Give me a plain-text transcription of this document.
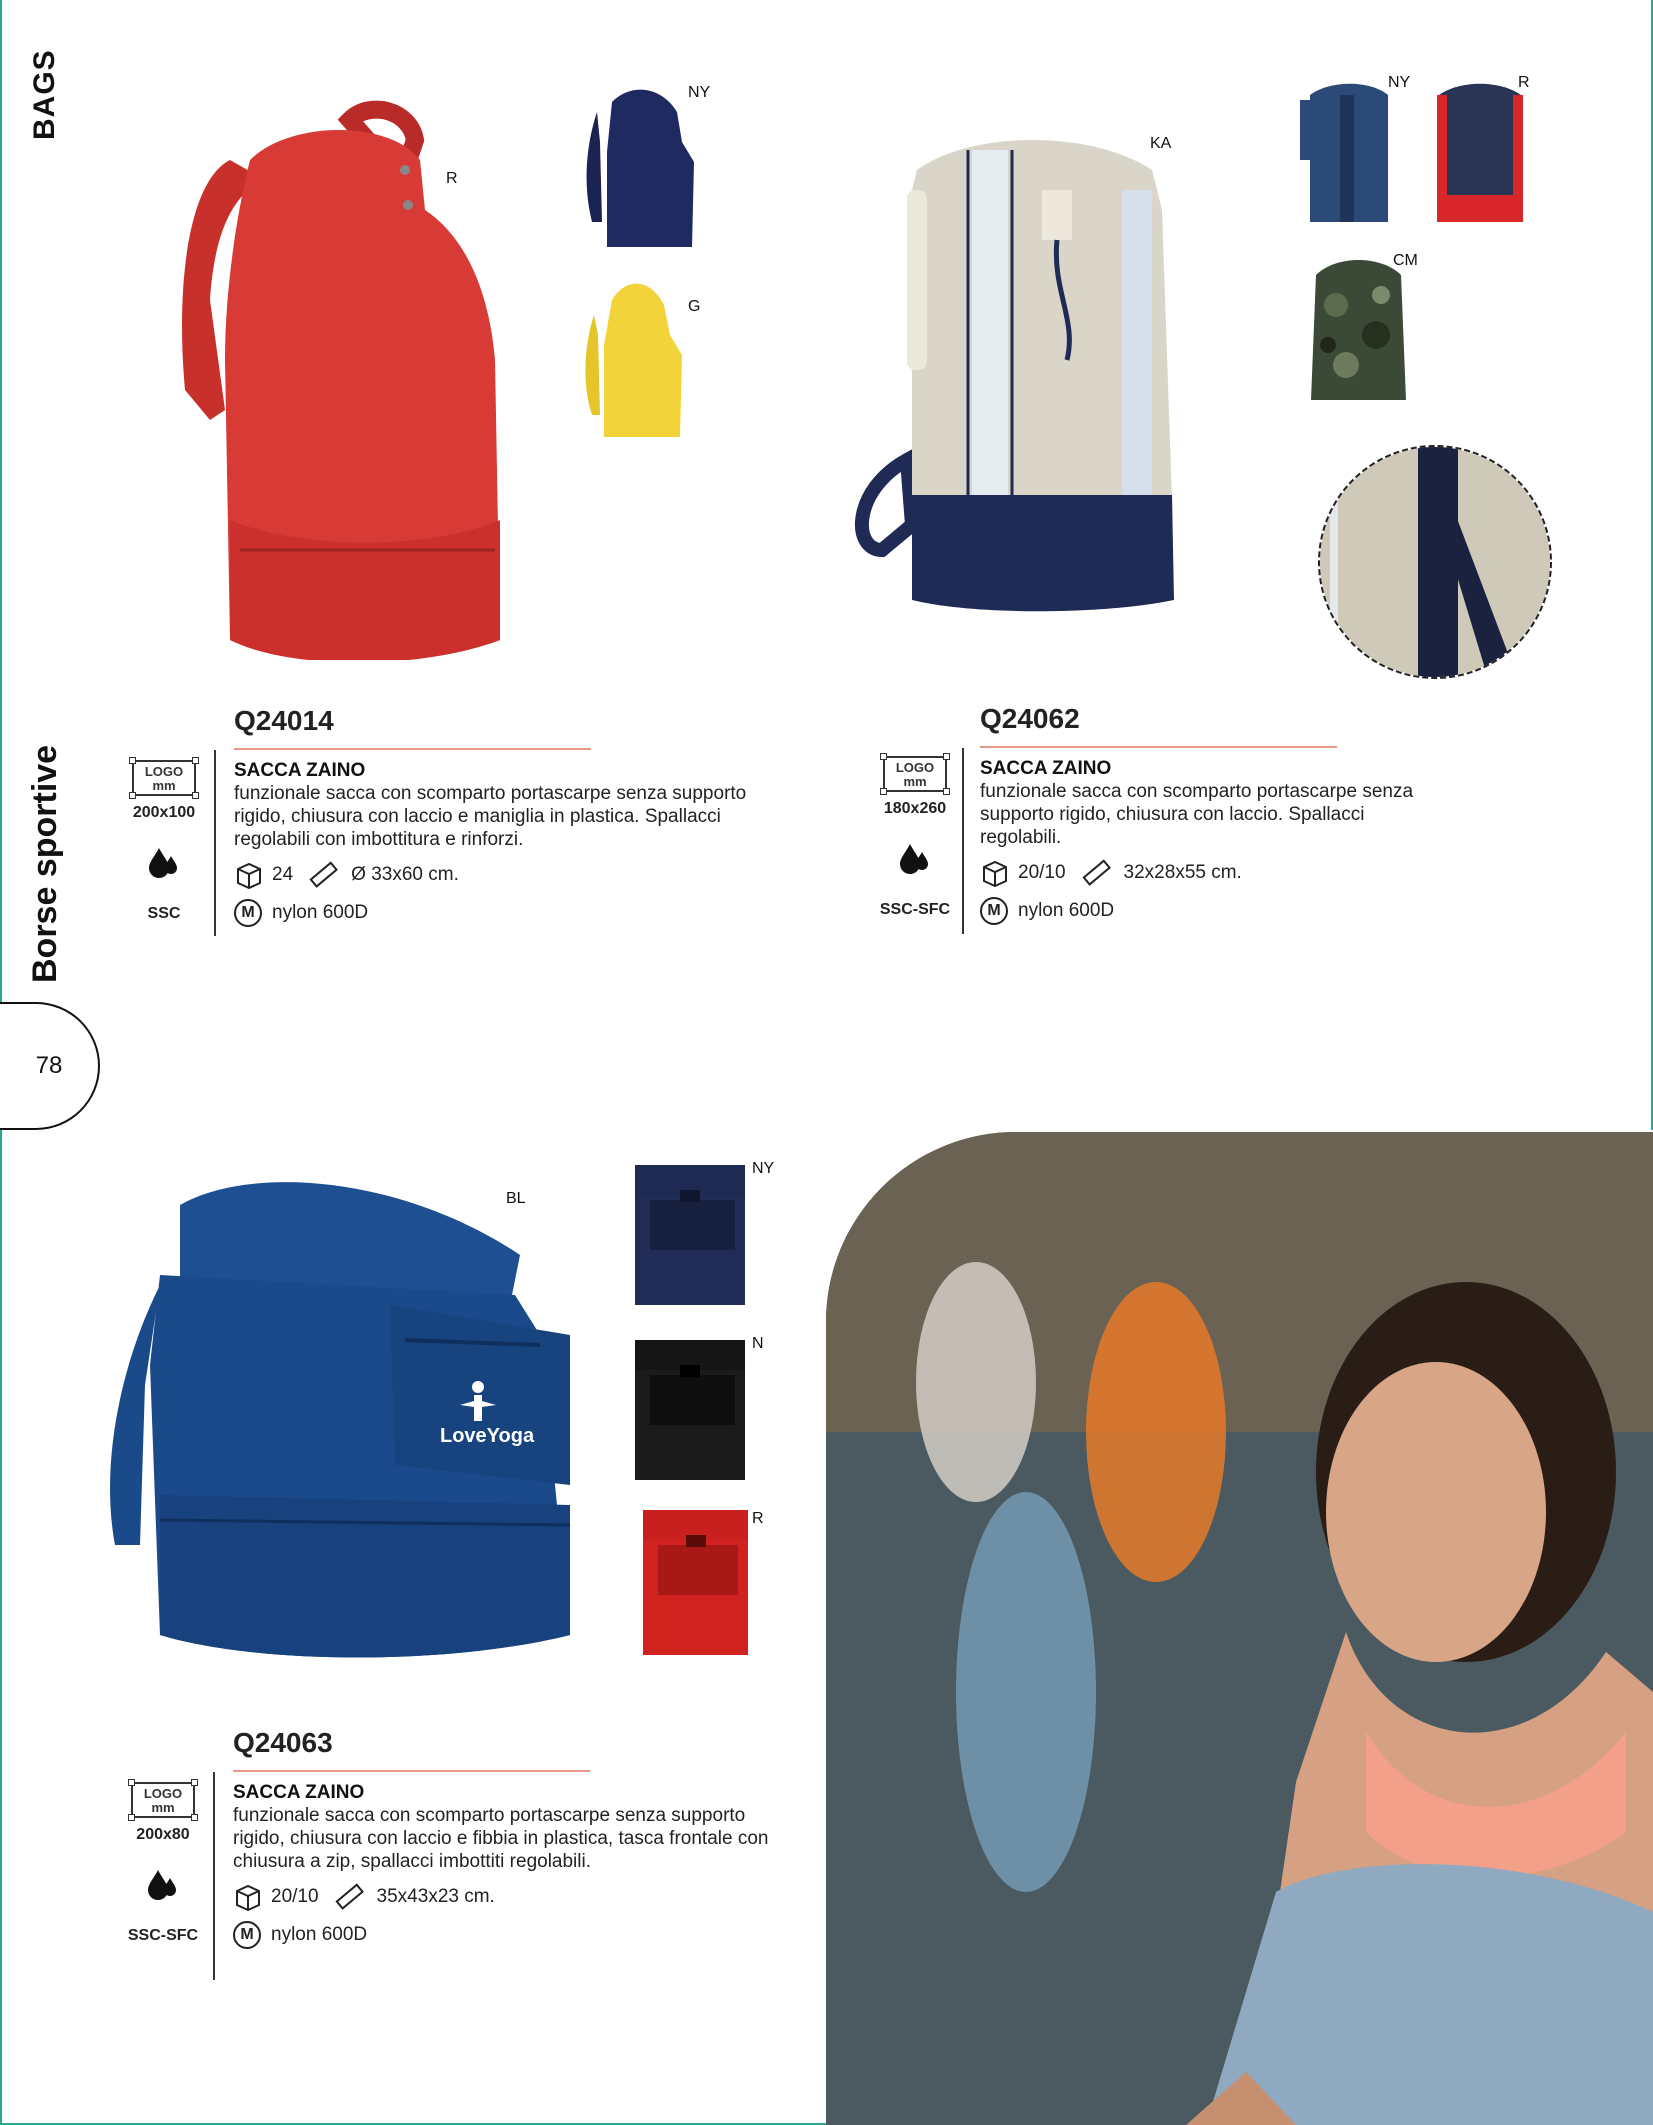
BAGS
Borse sportive
78
R
NY
G
Q24014
LOGO mm
200x100
SSC
SACCA ZAINO
funzionale sacca con scomparto portascarpe senza supporto rigido, chiusura con laccio e maniglia in plastica. Spallacci regolabili con imbottitura e rinforzi.
24	Ø 33x60 cm.
M nylon 600D
KA
NY	R
CM
Q24062
LOGO mm
180x260
SSC-SFC
SACCA ZAINO
funzionale sacca con scomparto portascarpe senza supporto rigido, chiusura con laccio. Spallacci regolabili.
20/10	32x28x55 cm.
M nylon 600D
LoveYoga
BL
NY
N
R
Q24063
LOGO mm
200x80
SSC-SFC
SACCA ZAINO
funzionale sacca con scomparto portascarpe senza supporto rigido, chiusura con laccio e fibbia in plastica, tasca frontale con chiusura a zip, spallacci imbottiti regolabili.
20/10	35x43x23 cm.
M nylon 600D
